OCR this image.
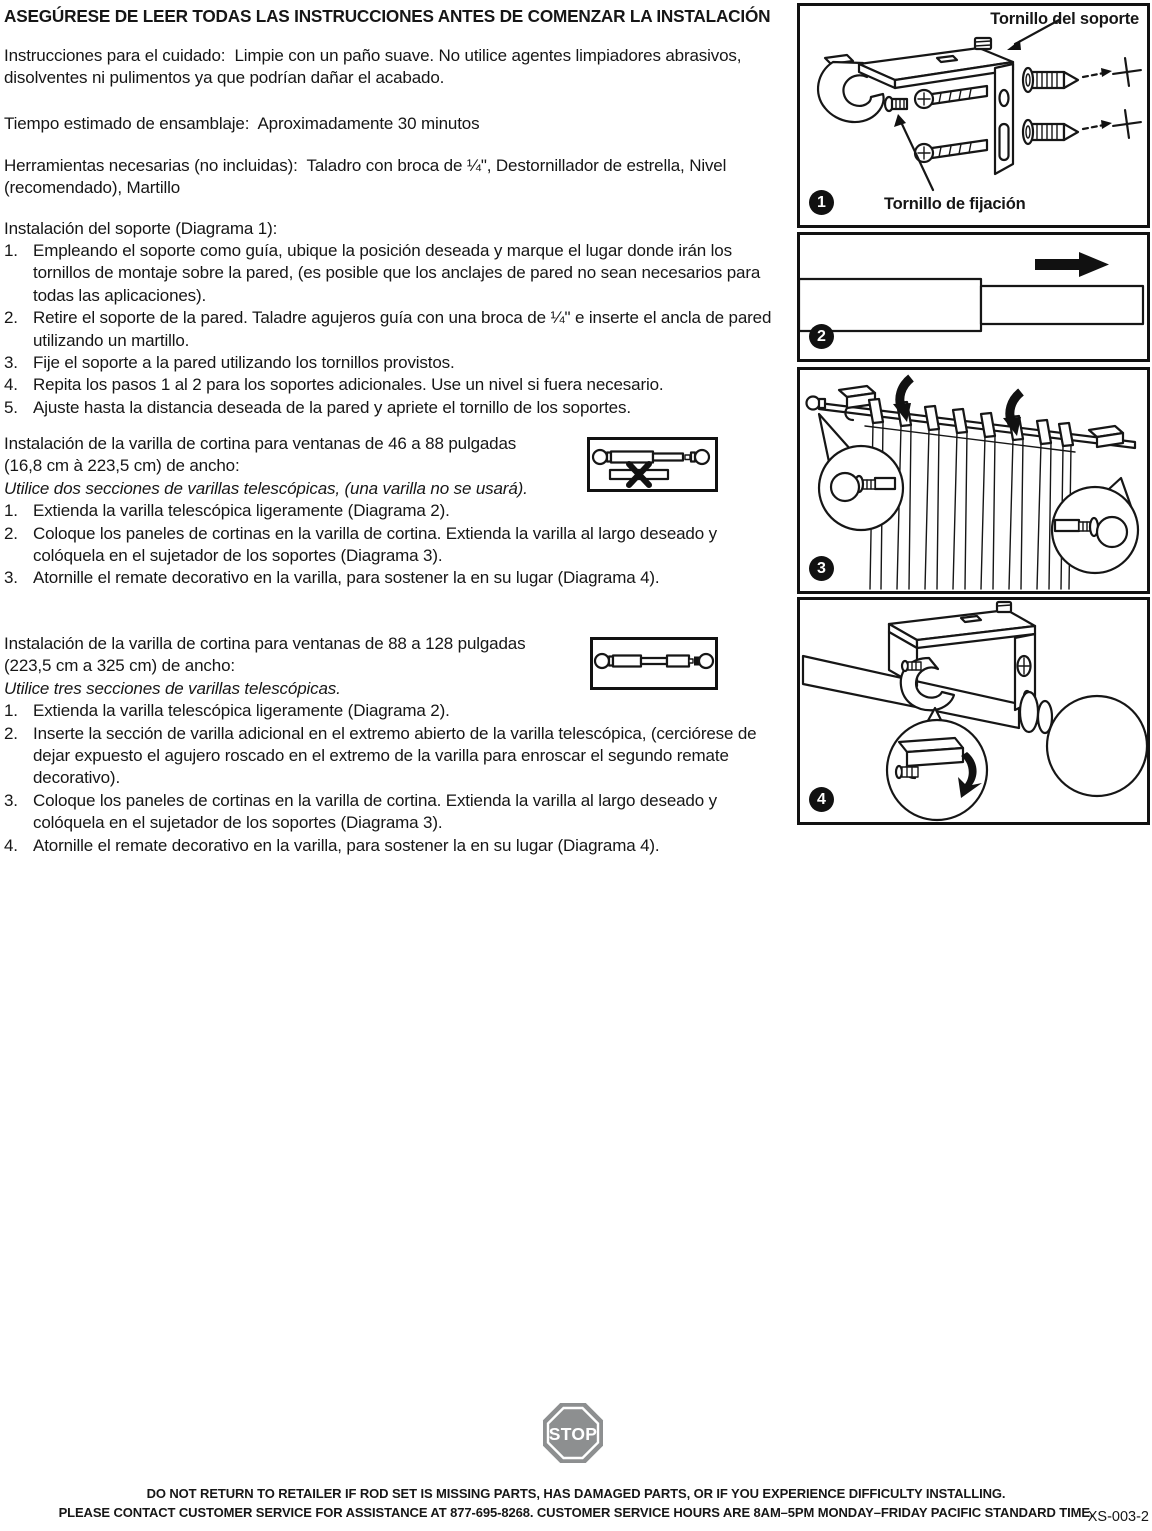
ASEGÚRESE DE LEER TODAS LAS INSTRUCCIONES ANTES DE COMENZAR LA INSTALACIÓN
Instrucciones para el cuidado:  Limpie con un paño suave. No utilice agentes limpiadores abrasivos, disolventes ni pulimentos ya que podrían dañar el acabado.
Tiempo estimado de ensamblaje:  Aproximadamente 30 minutos
Herramientas necesarias (no incluidas):  Taladro con broca de ¼", Destornillador de estrella, Nivel (recomendado), Martillo
Instalación del soporte (Diagrama 1):
1. Empleando el soporte como guía, ubique la posición deseada y marque el lugar donde irán los tornillos de montaje sobre la pared, (es posible que los anclajes de pared no sean necesarios para todas las aplicaciones).
2. Retire el soporte de la pared. Taladre agujeros guía con una broca de ¼" e inserte el ancla de pared utilizando un martillo.
3. Fije el soporte a la pared utilizando los tornillos provistos.
4. Repita los pasos 1 al 2 para los soportes adicionales. Use un nivel si fuera necesario.
5. Ajuste hasta la distancia deseada de la pared y apriete el tornillo de los soportes.
Instalación de la varilla de cortina para ventanas de 46 a 88 pulgadas (16,8 cm à 223,5 cm) de ancho:
Utilice dos secciones de varillas telescópicas, (una varilla no se usará).
1. Extienda la varilla telescópica ligeramente (Diagrama 2).
2. Coloque los paneles de cortinas en la varilla de cortina. Extienda la varilla al largo deseado y colóquela en el sujetador de los soportes (Diagrama 3).
3. Atornille el remate decorativo en la varilla, para sostener la en su lugar (Diagrama 4).
Instalación de la varilla de cortina para ventanas de 88 a 128 pulgadas (223,5 cm a 325 cm) de ancho:
Utilice tres secciones de varillas telescópicas.
1. Extienda la varilla telescópica ligeramente (Diagrama 2).
2. Inserte la sección de varilla adicional en el extremo abierto de la varilla telescópica, (cerciórese de dejar expuesto el agujero roscado en el extremo de la varilla para enroscar el segundo remate decorativo).
3. Coloque los paneles de cortinas en la varilla de cortina. Extienda la varilla al largo deseado y colóquela en el sujetador de los soportes (Diagrama 3).
4. Atornille el remate decorativo en la varilla, para sostener la en su lugar (Diagrama 4).
Tornillo del soporte
Tornillo de fijación
1
2
3
4
STOP
DO NOT RETURN TO RETAILER IF ROD SET IS MISSING PARTS, HAS DAMAGED PARTS, OR IF YOU EXPERIENCE DIFFICULTY INSTALLING.
PLEASE CONTACT CUSTOMER SERVICE FOR ASSISTANCE AT 877-695-8268. CUSTOMER SERVICE HOURS ARE 8AM–5PM MONDAY–FRIDAY PACIFIC STANDARD TIME.
XS-003-2
